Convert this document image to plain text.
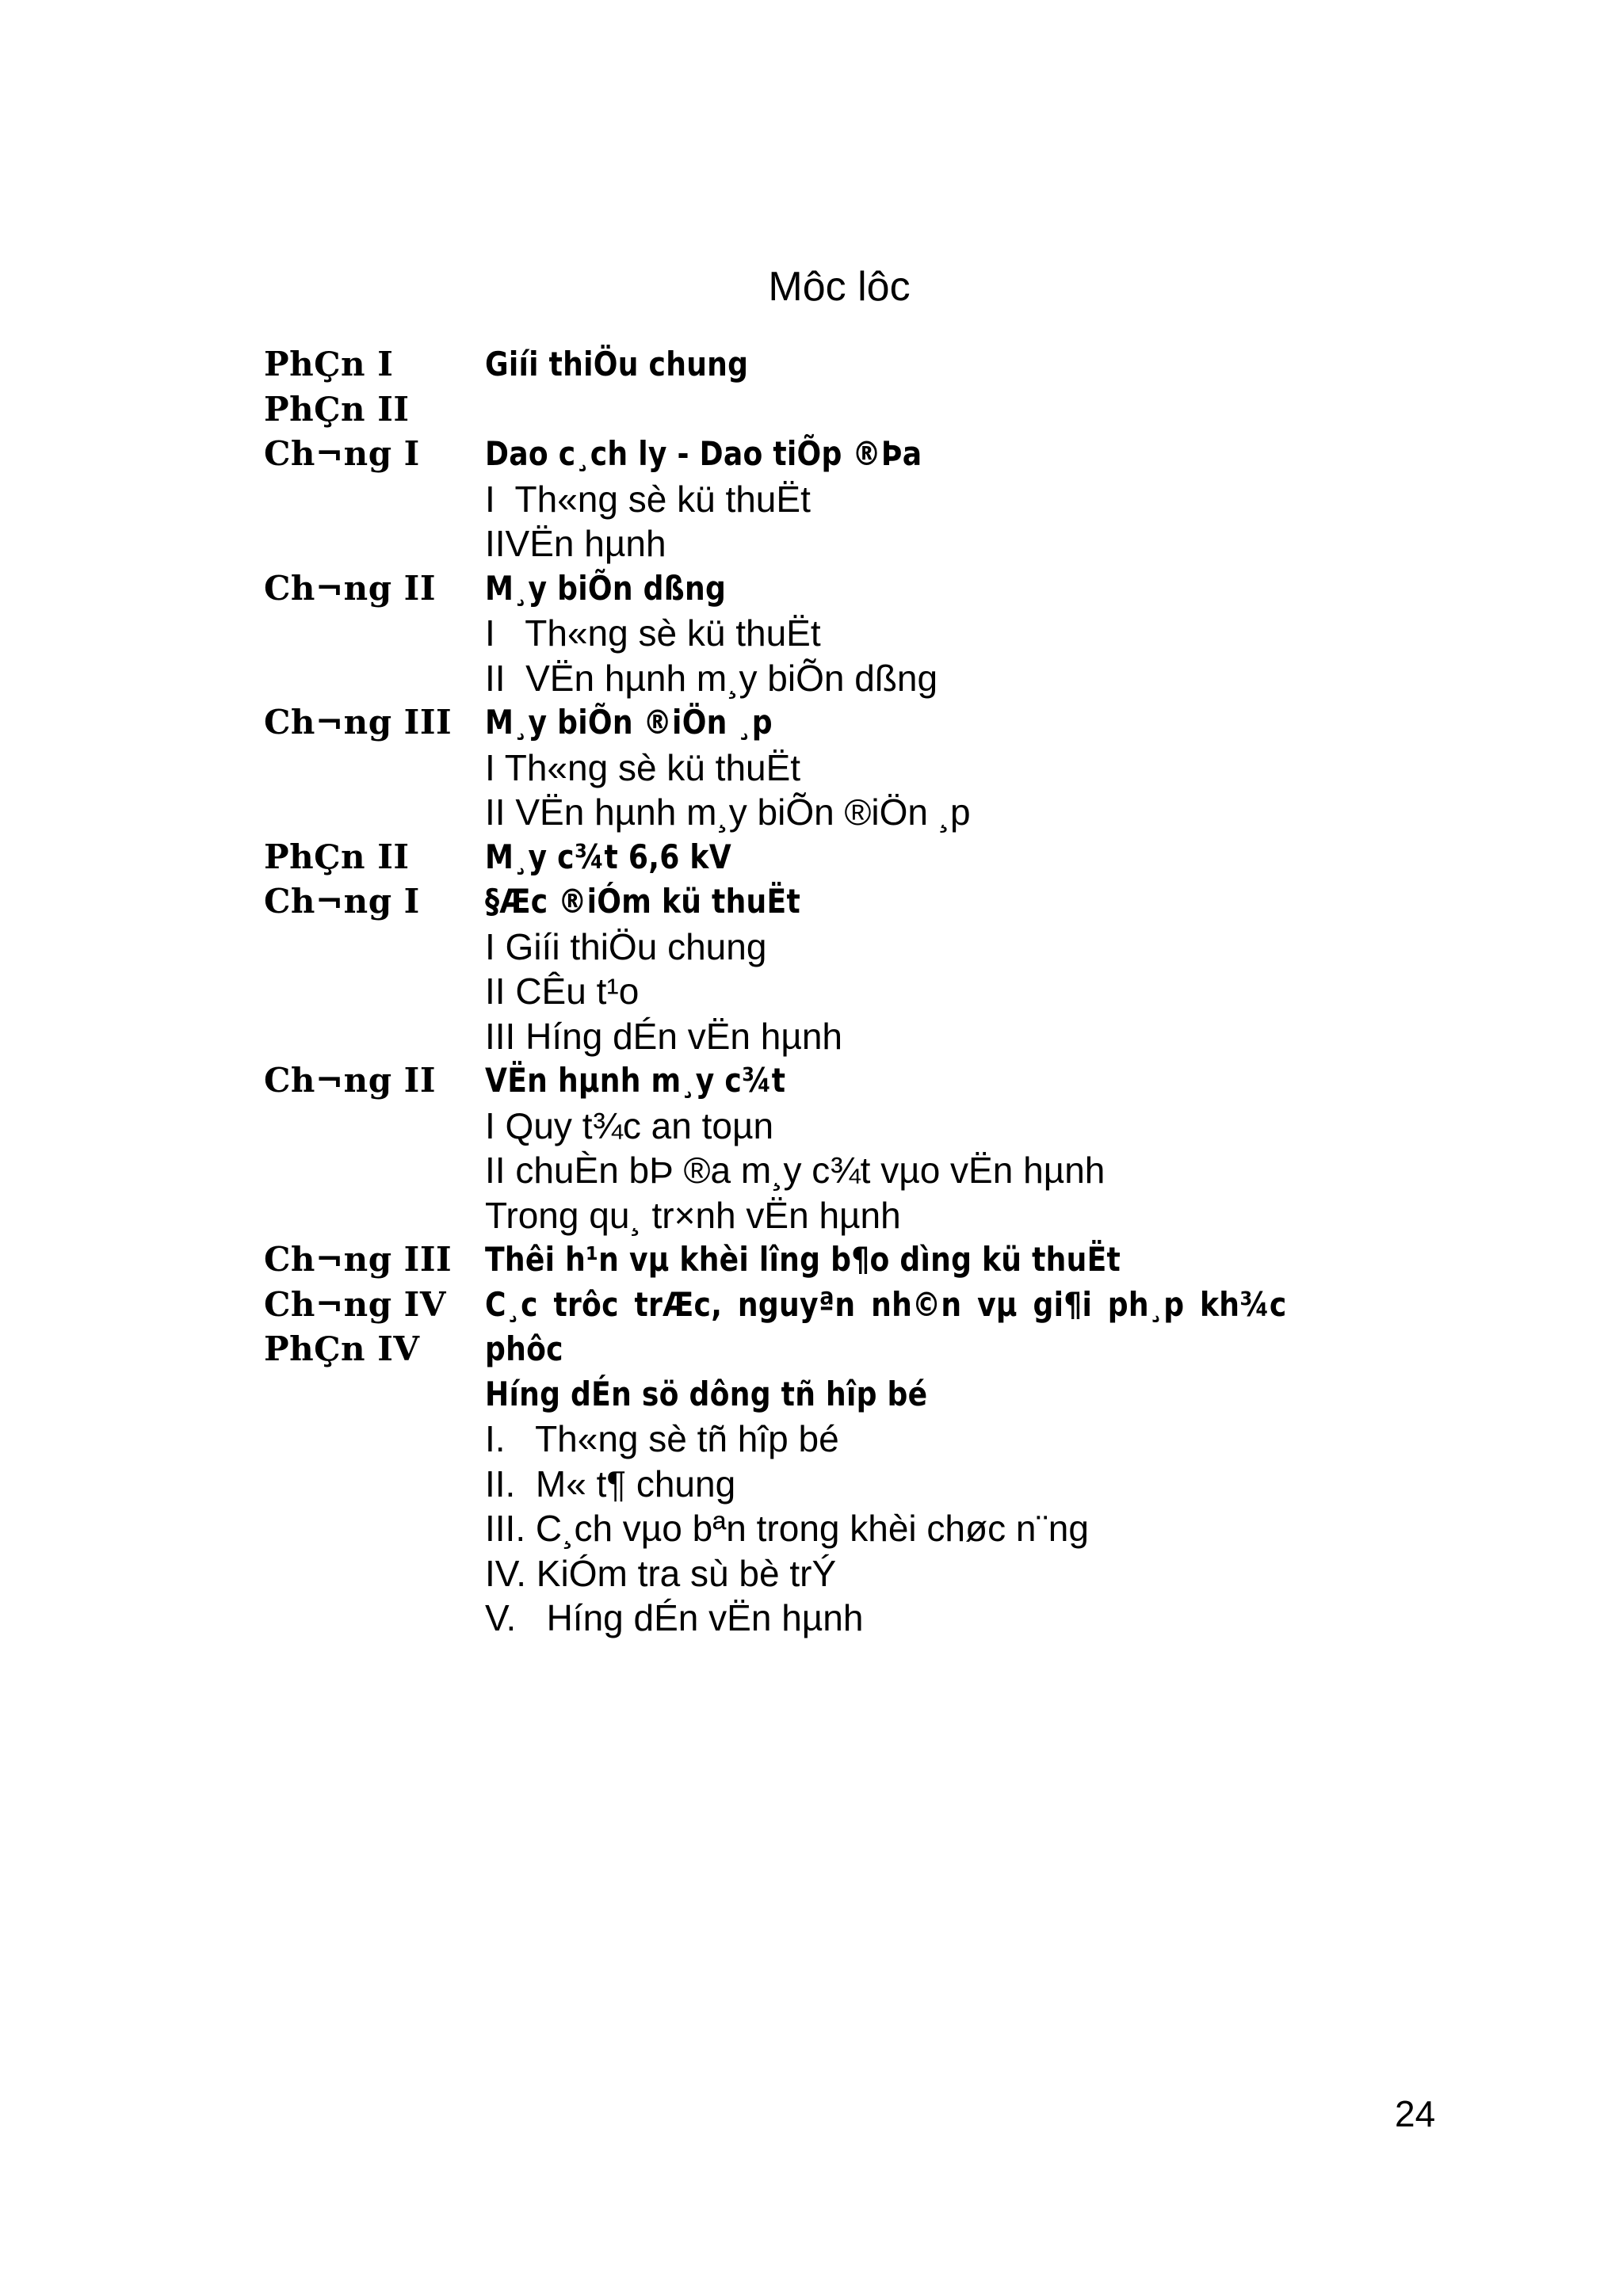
Môc lôc
PhÇn I
PhÇn II
Ch¬ng I
Ch¬ng II
Ch¬ng III
PhÇn II
Ch¬ng I
Ch¬ng II
Ch¬ng III
Ch¬ng IV
PhÇn IV
Giíi thiÖu chung
Dao c¸ch ly - Dao tiÕp ®Þa
I  Th«ng sè kü thuËt
IIVËn hµnh
M¸y biÕn dßng
I   Th«ng sè kü thuËt
II  VËn hµnh m¸y biÕn dßng
M¸y biÕn ®iÖn ¸p
I Th«ng sè kü thuËt
II VËn hµnh m¸y biÕn ®iÖn ¸p
M¸y c¾t 6,6 kV
§Æc ®iÓm kü thuËt
I Giíi thiÖu chung
II CÊu t¹o
III Híng dÉn vËn hµnh
VËn hµnh m¸y c¾t
I Quy t¾c an toµn
II chuÈn bÞ ®a m¸y c¾t vµo vËn hµnh
Trong qu¸ tr×nh vËn hµnh
Thêi h¹n vµ khèi lîng b¶o dìng kü thuËt
C¸c trôc trÆc, nguyªn nh©n vµ gi¶i ph¸p kh¾c
phôc
Híng dÉn sö dông tñ hîp bé
I.   Th«ng sè tñ hîp bé
II.  M« t¶ chung
III. C¸ch vµo bªn trong khèi chøc n¨ng
IV. KiÓm tra sù bè trÝ
V.   Híng dÉn vËn hµnh
24
